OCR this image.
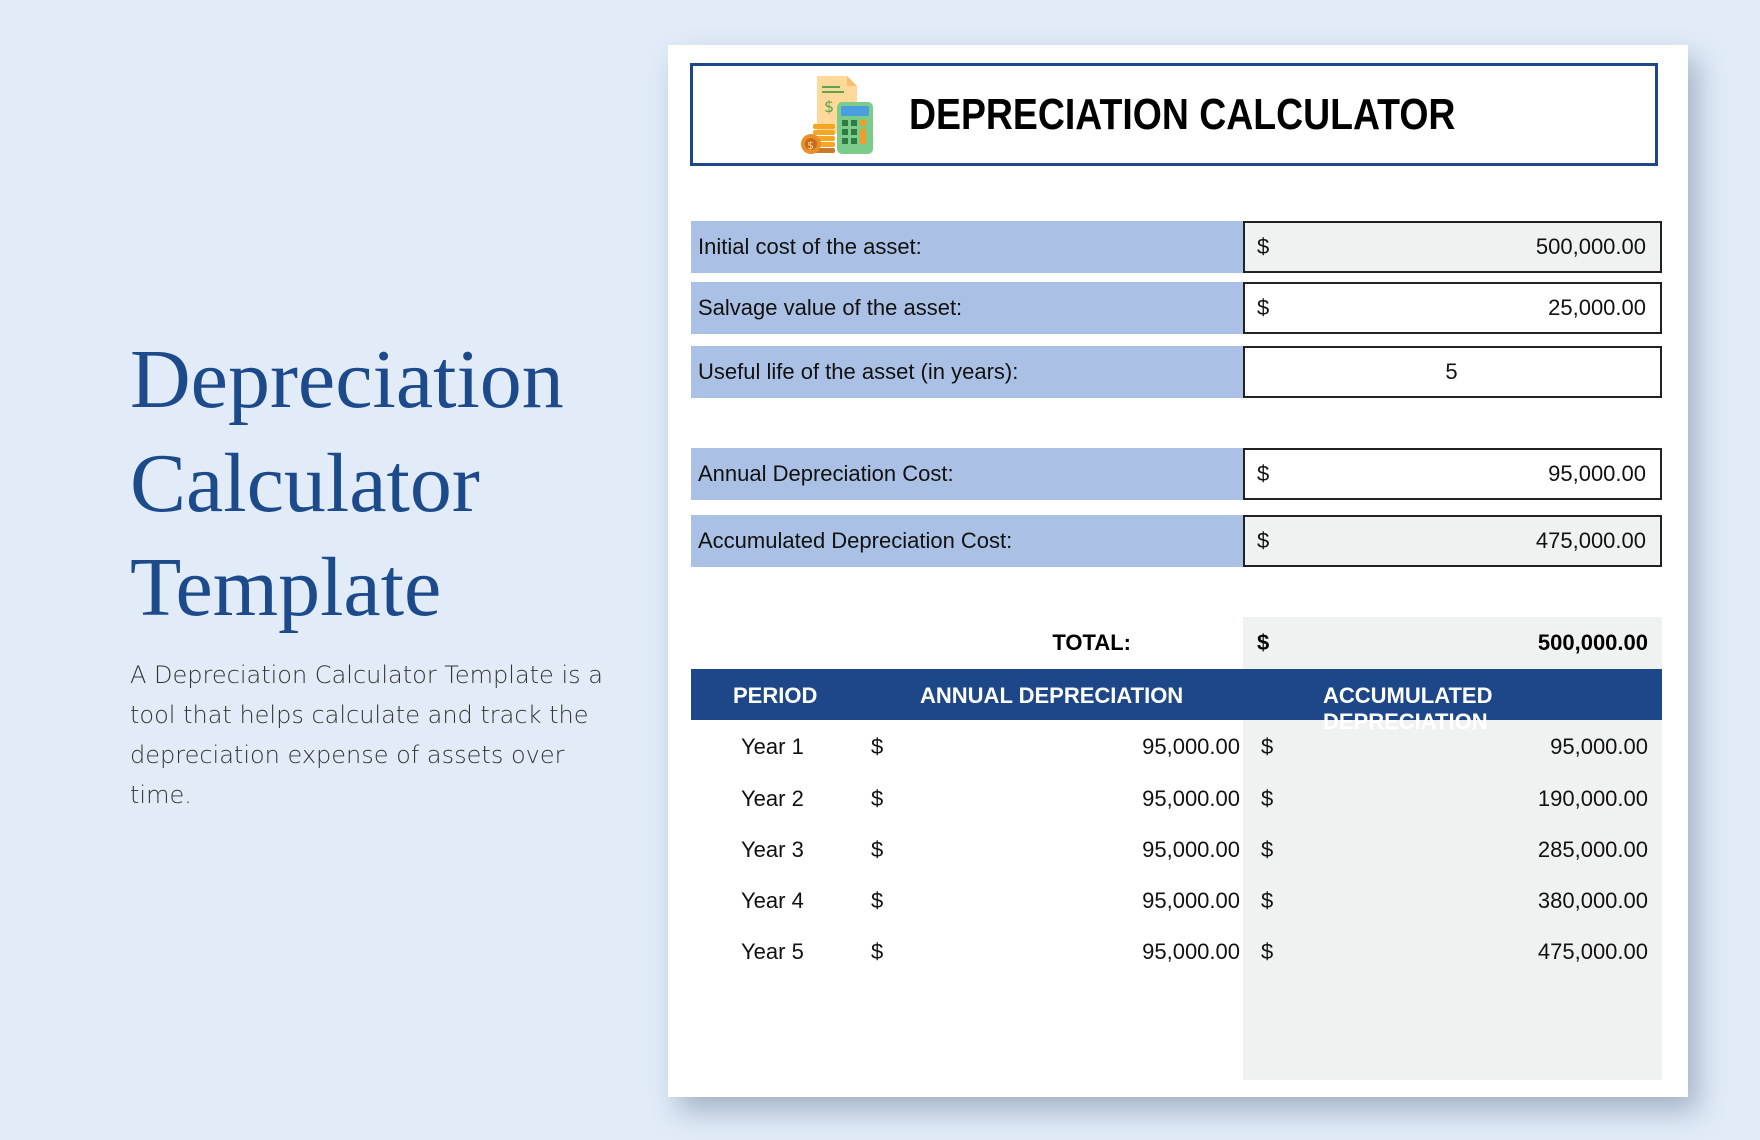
Depreciation
Calculator
Template

A Depreciation Calculator Template is a tool that helps calculate and track the depreciation expense of assets over time.

$
$
DEPRECIATION CALCULATOR
Initial cost of the asset:	$	500,000.00
Salvage value of the asset:	$	25,000.00
Useful life of the asset (in years):	5
Annual Depreciation Cost:	$	95,000.00
Accumulated Depreciation Cost:	$	475,000.00
TOTAL:	$	500,000.00
PERIOD	ANNUAL DEPRECIATION	ACCUMULATED DEPRECIATION
Year 1	$	95,000.00 $	95,000.00
Year 2	$	95,000.00 $	190,000.00
Year 3	$	95,000.00 $	285,000.00
Year 4	$	95,000.00 $	380,000.00
Year 5	$	95,000.00 $	475,000.00
